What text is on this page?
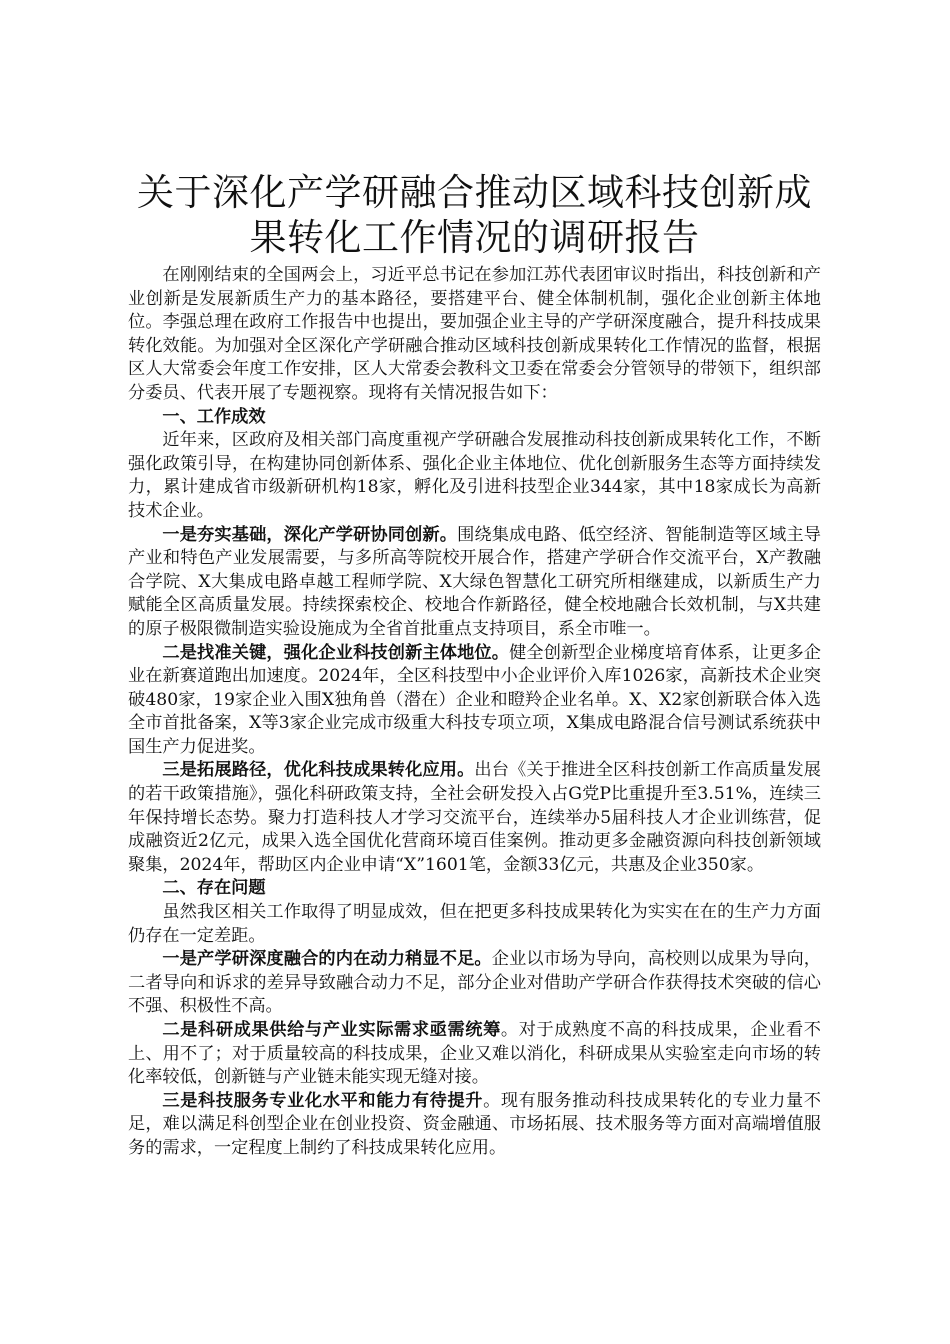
关于深化产学研融合推动区域科技创新成果转化工作情况的调研报告

在刚刚结束的全国两会上，习近平总书记在参加江苏代表团审议时指出，科技创新和产业创新是发展新质生产力的基本路径，要搭建平台、健全体制机制，强化企业创新主体地位。李强总理在政府工作报告中也提出，要加强企业主导的产学研深度融合，提升科技成果转化效能。为加强对全区深化产学研融合推动区域科技创新成果转化工作情况的监督，根据区人大常委会年度工作安排，区人大常委会教科文卫委在常委会分管领导的带领下，组织部分委员、代表开展了专题视察。现将有关情况报告如下：

一、工作成效

近年来，区政府及相关部门高度重视产学研融合发展推动科技创新成果转化工作，不断强化政策引导，在构建协同创新体系、强化企业主体地位、优化创新服务生态等方面持续发力，累计建成省市级新研机构18家，孵化及引进科技型企业344家，其中18家成长为高新技术企业。

一是夯实基础，深化产学研协同创新。围绕集成电路、低空经济、智能制造等区域主导产业和特色产业发展需要，与多所高等院校开展合作，搭建产学研合作交流平台，X产教融合学院、X大集成电路卓越工程师学院、X大绿色智慧化工研究所相继建成，以新质生产力赋能全区高质量发展。持续探索校企、校地合作新路径，健全校地融合长效机制，与X共建的原子极限微制造实验设施成为全省首批重点支持项目，系全市唯一。

二是找准关键，强化企业科技创新主体地位。健全创新型企业梯度培育体系，让更多企业在新赛道跑出加速度。2024年，全区科技型中小企业评价入库1026家，高新技术企业突破480家，19家企业入围X独角兽（潜在）企业和瞪羚企业名单。X、X2家创新联合体入选全市首批备案，X等3家企业完成市级重大科技专项立项，X集成电路混合信号测试系统获中国生产力促进奖。

三是拓展路径，优化科技成果转化应用。出台《关于推进全区科技创新工作高质量发展的若干政策措施》，强化科研政策支持，全社会研发投入占G党P比重提升至3.51%，连续三年保持增长态势。聚力打造科技人才学习交流平台，连续举办5届科技人才企业训练营，促成融资近2亿元，成果入选全国优化营商环境百佳案例。推动更多金融资源向科技创新领域聚集，2024年，帮助区内企业申请“X”1601笔，金额33亿元，共惠及企业350家。

二、存在问题

虽然我区相关工作取得了明显成效，但在把更多科技成果转化为实实在在的生产力方面仍存在一定差距。

一是产学研深度融合的内在动力稍显不足。企业以市场为导向，高校则以成果为导向，二者导向和诉求的差异导致融合动力不足，部分企业对借助产学研合作获得技术突破的信心不强、积极性不高。

二是科研成果供给与产业实际需求亟需统筹。对于成熟度不高的科技成果，企业看不上、用不了；对于质量较高的科技成果，企业又难以消化，科研成果从实验室走向市场的转化率较低，创新链与产业链未能实现无缝对接。

三是科技服务专业化水平和能力有待提升。现有服务推动科技成果转化的专业力量不足，难以满足科创型企业在创业投资、资金融通、市场拓展、技术服务等方面对高端增值服务的需求，一定程度上制约了科技成果转化应用。
